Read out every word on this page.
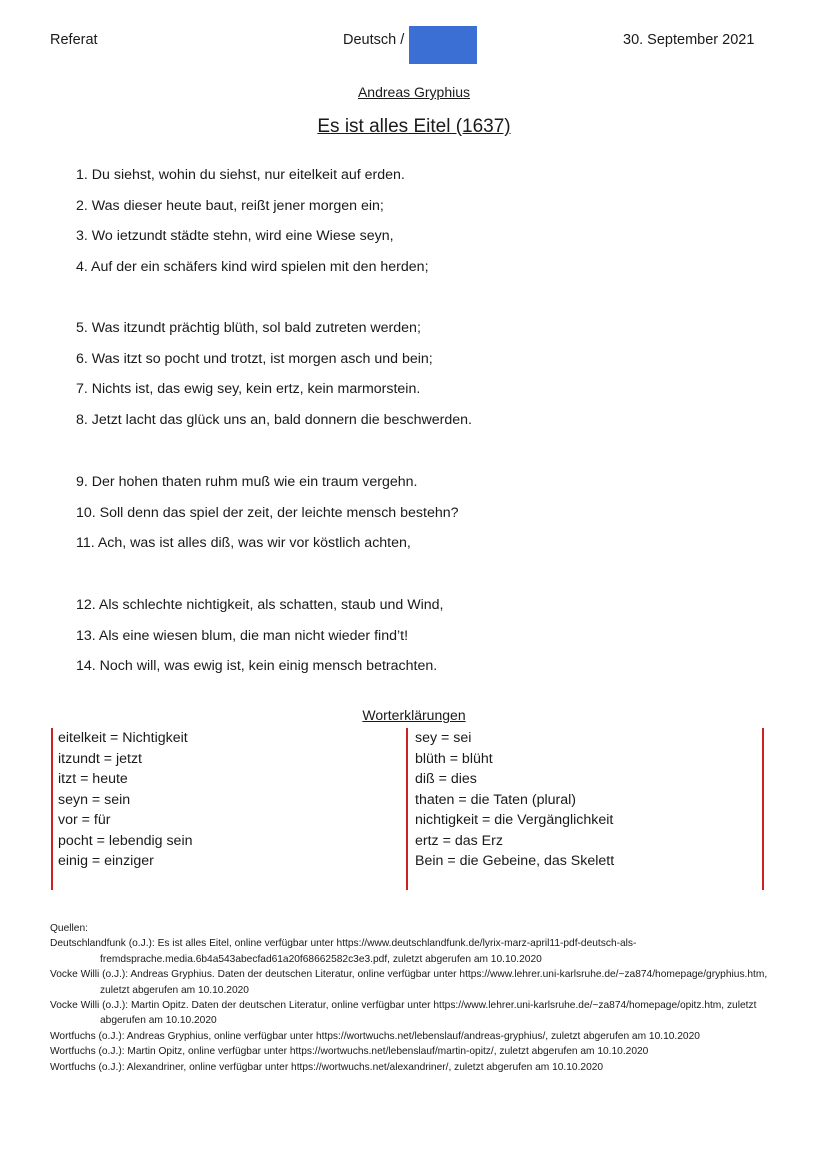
Referat	Deutsch /	30. September 2021
Andreas Gryphius
Es ist alles Eitel (1637)
1. Du siehst, wohin du siehst, nur eitelkeit auf erden.
2. Was dieser heute baut, reißt jener morgen ein;
3. Wo ietzundt städte stehn, wird eine Wiese seyn,
4. Auf der ein schäfers kind wird spielen mit den herden;
5. Was itzundt prächtig blüth, sol bald zutreten werden;
6. Was itzt so pocht und trotzt, ist morgen asch und bein;
7. Nichts ist, das ewig sey, kein ertz, kein marmorstein.
8. Jetzt lacht das glück uns an, bald donnern die beschwerden.
9. Der hohen thaten ruhm muß wie ein traum vergehn.
10. Soll denn das spiel der zeit, der leichte mensch bestehn?
11. Ach, was ist alles diß, was wir vor köstlich achten,
12. Als schlechte nichtigkeit, als schatten, staub und Wind,
13. Als eine wiesen blum, die man nicht wieder find’t!
14. Noch will, was ewig ist, kein einig mensch betrachten.
Worterklärungen
eitelkeit = Nichtigkeit
itzundt = jetzt
itzt = heute
seyn = sein
vor = für
pocht = lebendig sein
einig = einziger
sey = sei
blüth = blüht
diß = dies
thaten = die Taten (plural)
nichtigkeit = die Vergänglichkeit
ertz = das Erz
Bein = die Gebeine, das Skelett
Quellen:
Deutschlandfunk (o.J.): Es ist alles Eitel, online verfügbar unter https://www.deutschlandfunk.de/lyrix-marz-april11-pdf-deutsch-als-fremdsprache.media.6b4a543abecfad61a20f68662582c3e3.pdf, zuletzt abgerufen am 10.10.2020
Vocke Willi (o.J.): Andreas Gryphius. Daten der deutschen Literatur, online verfügbar unter https://www.lehrer.uni-karlsruhe.de/~za874/homepage/gryphius.htm, zuletzt abgerufen am 10.10.2020
Vocke Willi (o.J.): Martin Opitz. Daten der deutschen Literatur, online verfügbar unter https://www.lehrer.uni-karlsruhe.de/~za874/homepage/opitz.htm, zuletzt abgerufen am 10.10.2020
Wortfuchs (o.J.): Andreas Gryphius, online verfügbar unter https://wortwuchs.net/lebenslauf/andreas-gryphius/, zuletzt abgerufen am 10.10.2020
Wortfuchs (o.J.): Martin Opitz, online verfügbar unter https://wortwuchs.net/lebenslauf/martin-opitz/, zuletzt abgerufen am 10.10.2020
Wortfuchs (o.J.): Alexandriner, online verfügbar unter https://wortwuchs.net/alexandriner/, zuletzt abgerufen am 10.10.2020
